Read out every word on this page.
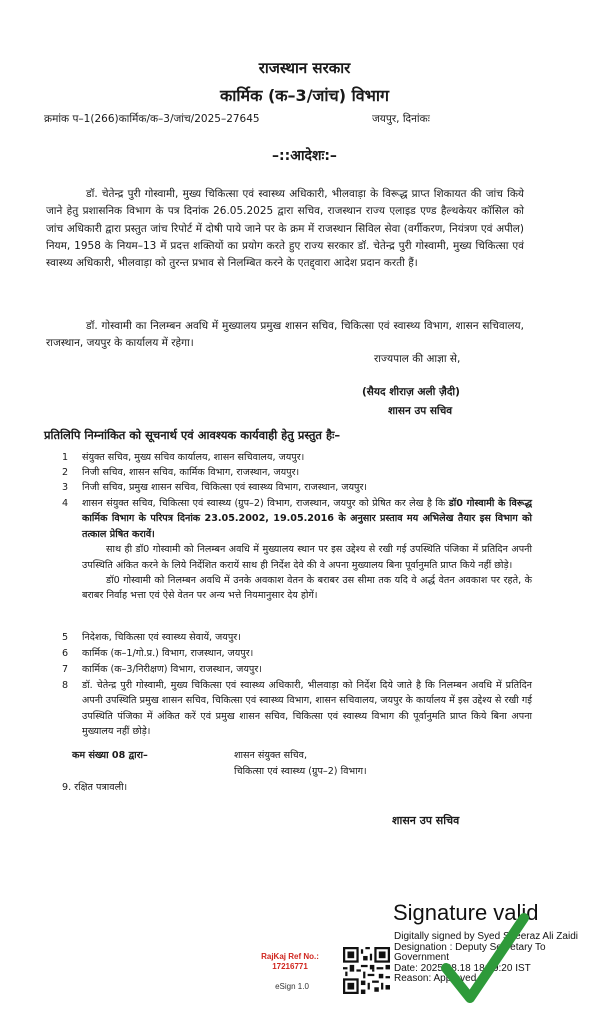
राजस्थान सरकार
कार्मिक (क–3/जांच) विभाग
क्रमांक प–1(266)कार्मिक/क–3/जांच/2025–27645	जयपुर, दिनांकः
–::आदेशः:–
डॉ. चेतेन्द्र पुरी गोस्वामी, मुख्य चिकित्सा एवं स्वास्थ्य अधिकारी, भीलवाड़ा के विरूद्ध प्राप्त शिकायत की जांच किये जाने हेतु प्रशासनिक विभाग के पत्र दिनांक 26.05.2025 द्वारा सचिव, राजस्थान राज्य एलाइड एण्ड हैल्थकेयर कॉसिल को जांच अधिकारी द्वारा प्रस्तुत जांच रिपोर्ट में दोषी पाये जाने पर के क्रम में राजस्थान सिविल सेवा (वर्गीकरण, नियंत्रण एवं अपील) नियम, 1958 के नियम–13 में प्रदत्त शक्तियों का प्रयोग करते हुए राज्य सरकार डॉ. चेतेन्द्र पुरी गोस्वामी, मुख्य चिकित्सा एवं स्वास्थ्य अधिकारी, भीलवाड़ा को तुरन्त प्रभाव से निलम्बित करने के एतद्द्वारा आदेश प्रदान करती हैं।
डॉ. गोस्वामी का निलम्बन अवधि में मुख्यालय प्रमुख शासन सचिव, चिकित्सा एवं स्वास्थ्य विभाग, शासन सचिवालय, राजस्थान, जयपुर के कार्यालय में रहेगा।
राज्यपाल की आज्ञा से,
(सैयद शीराज़ अली ज़ैदी)
शासन उप सचिव
प्रतिलिपि निम्नांकित को सूचनार्थ एवं आवश्यक कार्यवाही हेतु प्रस्तुत हैः–
1	संयुक्त सचिव, मुख्य सचिव कार्यालय, शासन सचिवालय, जयपुर।
2	निजी सचिव, शासन सचिव, कार्मिक विभाग, राजस्थान, जयपुर।
3	निजी सचिव, प्रमुख शासन सचिव, चिकित्सा एवं स्वास्थ्य विभाग, राजस्थान, जयपुर।
4	शासन संयुक्त सचिव, चिकित्सा एवं स्वास्थ्य (ग्रुप–2) विभाग, राजस्थान, जयपुर को प्रेषित कर लेख है कि डॉ0 गोस्वामी के विरूद्ध कार्मिक विभाग के परिपत्र दिनांक 23.05.2002, 19.05.2016 के अनुसार प्रस्ताव मय अभिलेख तैयार इस विभाग को तत्काल प्रेषित करावें।
साथ ही डॉ0 गोस्वामी को निलम्बन अवधि में मुख्यालय स्थान पर इस उद्देश्य से रखी गई उपस्थिति पंजिका में प्रतिदिन अपनी उपस्थिति अंकित करने के लिये निर्देशित करायें साथ ही निर्देश देवे की वे अपना मुख्यालय बिना पूर्वानुमति प्राप्त किये नहीं छोड़े।
डॉ0 गोस्वामी को निलम्बन अवधि में उनके अवकाश वेतन के बराबर उस सीमा तक यदि वे अर्द्ध वेतन अवकाश पर रहते, के बराबर निर्वाह भत्ता एवं ऐसे वेतन पर अन्य भत्ते नियमानुसार देय होगें।
5	निदेशक, चिकित्सा एवं स्वास्थ्य सेवायें, जयपुर।
6	कार्मिक (क–1/गो.प्र.) विभाग, राजस्थान, जयपुर।
7	कार्मिक (क–3/निरीक्षण) विभाग, राजस्थान, जयपुर।
8	डॉ. चेतेन्द्र पुरी गोस्वामी, मुख्य चिकित्सा एवं स्वास्थ्य अधिकारी, भीलवाड़ा को निर्देश दिये जाते है कि निलम्बन अवधि में प्रतिदिन अपनी उपस्थिति प्रमुख शासन सचिव, चिकित्सा एवं स्वास्थ्य विभाग, शासन सचिवालय, जयपुर के कार्यालय में इस उद्देश्य से रखी गई उपस्थिति पंजिका में अंकित करें एवं प्रमुख शासन सचिव, चिकित्सा एवं स्वास्थ्य विभाग की पूर्वानुमति प्राप्त किये बिना अपना मुख्यालय नहीं छोड़े।
कम संख्या 08 द्वारा–	शासन संयुक्त सचिव,
चिकित्सा एवं स्वास्थ्य (ग्रुप–2) विभाग।
9. रक्षित पत्रावली।
शासन उप सचिव
RajKaj Ref No.:
17216771
eSign 1.0
Signature valid
Digitally signed by Syed Sheeraz Ali Zaidi
Designation : Deputy Secretary To Government
Date: 2025.08.18 18:09:20 IST
Reason: Approved
